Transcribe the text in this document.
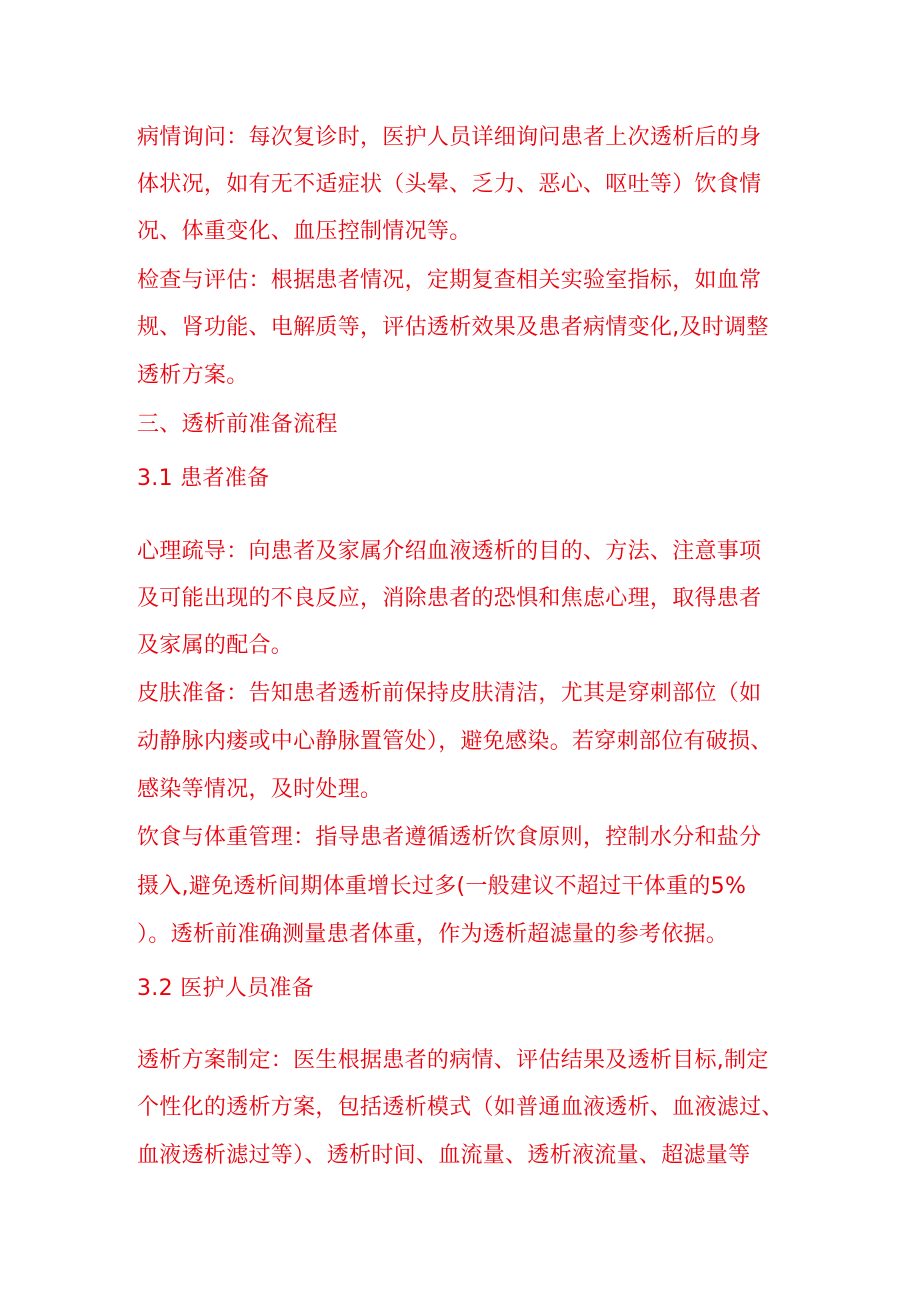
病情询问：每次复诊时，医护人员详细询问患者上次透析后的身
体状况，如有无不适症状（头晕、乏力、恶心、呕吐等）饮食情
况、体重变化、血压控制情况等。
检查与评估：根据患者情况，定期复查相关实验室指标，如血常
规、肾功能、电解质等，评估透析效果及患者病情变化,及时调整
透析方案。
三、透析前准备流程
3.1 患者准备
心理疏导：向患者及家属介绍血液透析的目的、方法、注意事项
及可能出现的不良反应，消除患者的恐惧和焦虑心理，取得患者
及家属的配合。
皮肤准备：告知患者透析前保持皮肤清洁，尤其是穿刺部位（如
动静脉内瘘或中心静脉置管处），避免感染。若穿刺部位有破损、
感染等情况，及时处理。
饮食与体重管理：指导患者遵循透析饮食原则，控制水分和盐分
摄入,避免透析间期体重增长过多(一般建议不超过干体重的5%
）。透析前准确测量患者体重，作为透析超滤量的参考依据。
3.2 医护人员准备
透析方案制定：医生根据患者的病情、评估结果及透析目标,制定
个性化的透析方案，包括透析模式（如普通血液透析、血液滤过、
血液透析滤过等）、透析时间、血流量、透析液流量、超滤量等
